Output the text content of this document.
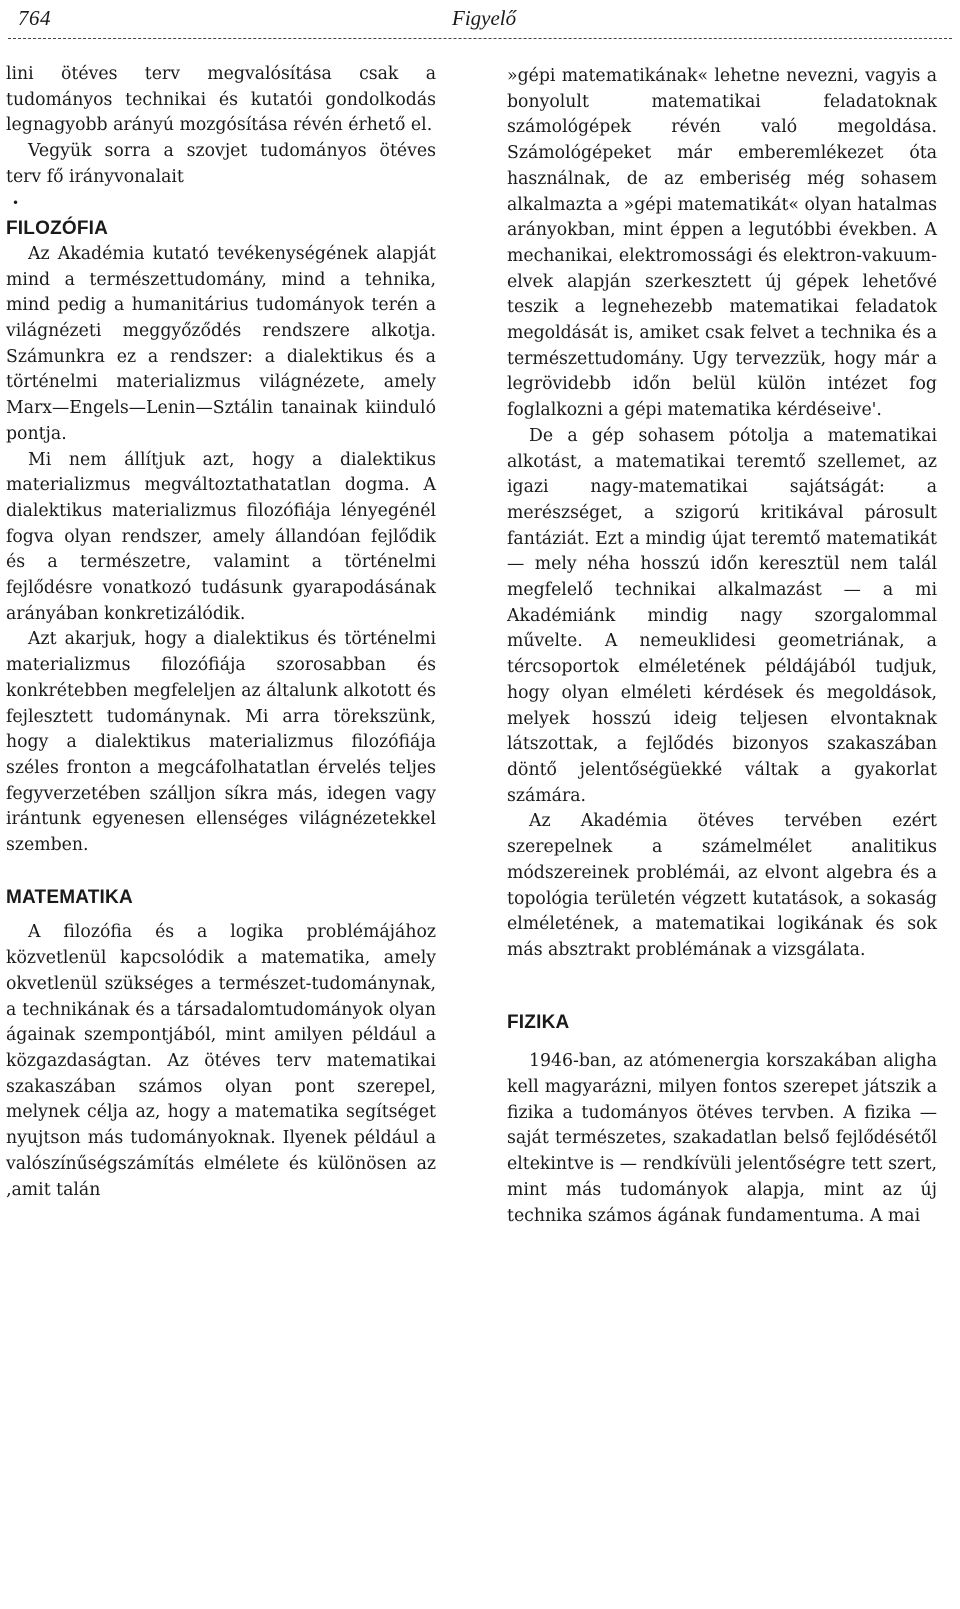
764	Figyelő

lini ötéves terv megvalósítása csak a tudományos technikai és kutatói gondolkodás legnagyobb arányú mozgósítása révén érhető el.

Vegyük sorra a szovjet tudományos ötéves terv fő irányvonalait

•
FILOZÓFIA

Az Akadémia kutató tevékenységének alapját mind a természettudomány, mind a tehnika, mind pedig a humanitárius tudományok terén a világnézeti meggyőződés rendszere alkotja. Számunkra ez a rendszer: a dialektikus és a történelmi materializmus világnézete, amely Marx—Engels—Lenin—Sztálin tanainak kiinduló pontja.

Mi nem állítjuk azt, hogy a dialektikus materializmus megváltoztathatatlan dogma. A dialektikus materializmus filozófiája lényegénél fogva olyan rendszer, amely állandóan fejlődik és a természetre, valamint a történelmi fejlődésre vonatkozó tudásunk gyarapodásának arányában konkretizálódik.

Azt akarjuk, hogy a dialektikus és történelmi materializmus filozófiája szorosabban és konkrétebben megfeleljen az általunk alkotott és fejlesztett tudománynak. Mi arra törekszünk, hogy a dialektikus materializmus filozófiája széles fronton a megcáfolhatatlan érvelés teljes fegyverzetében szálljon síkra más, idegen vagy irántunk egyenesen ellenséges világnézetekkel szemben.

MATEMATIKA

A filozófia és a logika problémájához közvetlenül kapcsolódik a matematika, amely okvetlenül szükséges a természet-tudománynak, a technikának és a társadalomtudományok olyan ágainak szempontjából, mint amilyen például a közgazdaságtan. Az ötéves terv matematikai szakaszában számos olyan pont szerepel, melynek célja az, hogy a matematika segítséget nyujtson más tudományoknak. Ilyenek például a valószínűségszámítás elmélete és különösen az ‚amit talán

»gépi matematikának« lehetne nevezni, vagyis a bonyolult matematikai feladatoknak számológépek révén való megoldása. Számológépeket már emberemlékezet óta használnak, de az emberiség még sohasem alkalmazta a »gépi matematikát« olyan hatalmas arányokban, mint éppen a legutóbbi években. A mechanikai, elektromossági és elektron-vakuum-elvek alapján szerkesztett új gépek lehetővé teszik a legnehezebb matematikai feladatok megoldását is, amiket csak felvet a technika és a természettudomány. Ugy tervezzük, hogy már a legrövidebb időn belül külön intézet fog foglalkozni a gépi matematika kérdéseive'.

De a gép sohasem pótolja a matematikai alkotást, a matematikai teremtő szellemet, az igazi nagy-matematikai sajátságát: a merészséget, a szigorú kritikával párosult fantáziát. Ezt a mindig újat teremtő matematikát — mely néha hosszú időn keresztül nem talál megfelelő technikai alkalmazást — a mi Akadémiánk mindig nagy szorgalommal művelte. A nemeuklidesi geometriának, a tércsoportok elméletének példájából tudjuk, hogy olyan elméleti kérdések és megoldások, melyek hosszú ideig teljesen elvontaknak látszottak, a fejlődés bizonyos szakaszában döntő jelentőségüekké váltak a gyakorlat számára.

Az Akadémia ötéves tervében ezért szerepelnek a számelmélet analitikus módszereinek problémái, az elvont algebra és a topológia területén végzett kutatások, a sokaság elméletének, a matematikai logikának és sok más absztrakt problémának a vizsgálata.

FIZIKA

1946-ban, az atómenergia korszakában aligha kell magyarázni, milyen fontos szerepet játszik a fizika a tudományos ötéves tervben. A fizika — saját természetes, szakadatlan belső fejlődésétől eltekintve is — rendkívüli jelentőségre tett szert, mint más tudományok alapja, mint az új technika számos ágának fundamentuma. A mai
